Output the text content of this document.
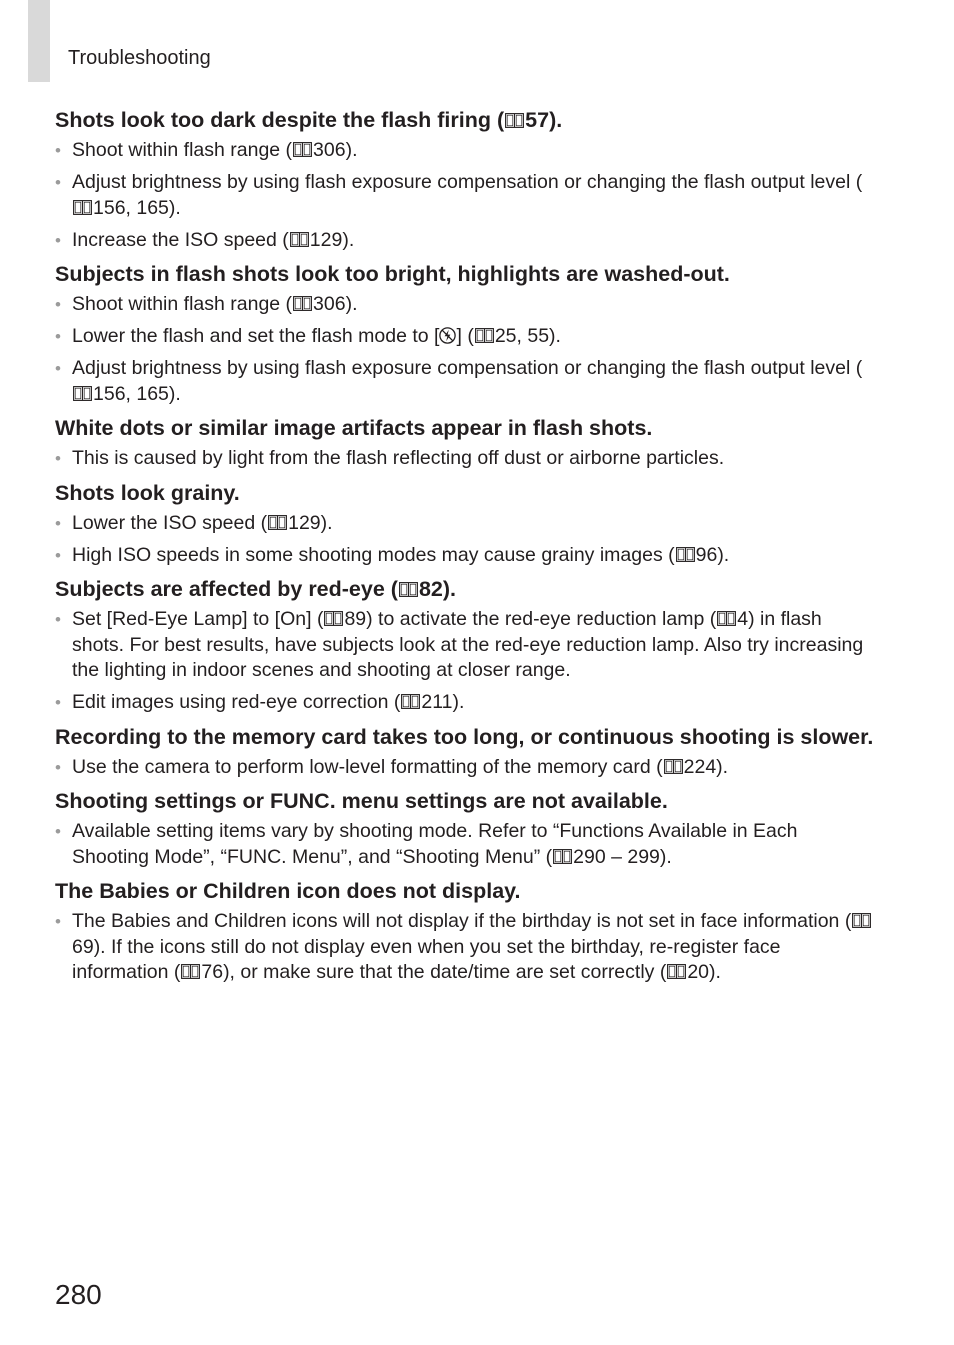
Troubleshooting
Shots look too dark despite the flash firing ( 57).
• Shoot within flash range ( 306).
• Adjust brightness by using flash exposure compensation or changing the flash output level (
156, 165).
• Increase the ISO speed ( 129).
Subjects in flash shots look too bright, highlights are washed-out.
• Shoot within flash range ( 306).
• Lower the flash and set the flash mode to [ ] ( 25, 55).
• Adjust brightness by using flash exposure compensation or changing the flash output level (
156, 165).
White dots or similar image artifacts appear in flash shots.
• This is caused by light from the flash reflecting off dust or airborne particles.
Shots look grainy.
• Lower the ISO speed ( 129).
• High ISO speeds in some shooting modes may cause grainy images ( 96).
Subjects are affected by red-eye ( 82).
• Set [Red-Eye Lamp] to [On] ( 89) to activate the red-eye reduction lamp ( 4) in flash shots. For best results, have subjects look at the red-eye reduction lamp. Also try increasing the lighting in indoor scenes and shooting at closer range.
• Edit images using red-eye correction ( 211).
Recording to the memory card takes too long, or continuous shooting is slower.
• Use the camera to perform low-level formatting of the memory card ( 224).
Shooting settings or FUNC. menu settings are not available.
• Available setting items vary by shooting mode. Refer to “Functions Available in Each Shooting Mode”, “FUNC. Menu”, and “Shooting Menu” ( 290 – 299).
The Babies or Children icon does not display.
• The Babies and Children icons will not display if the birthday is not set in face information (
69). If the icons still do not display even when you set the birthday, re-register face information ( 76), or make sure that the date/time are set correctly ( 20).
280
